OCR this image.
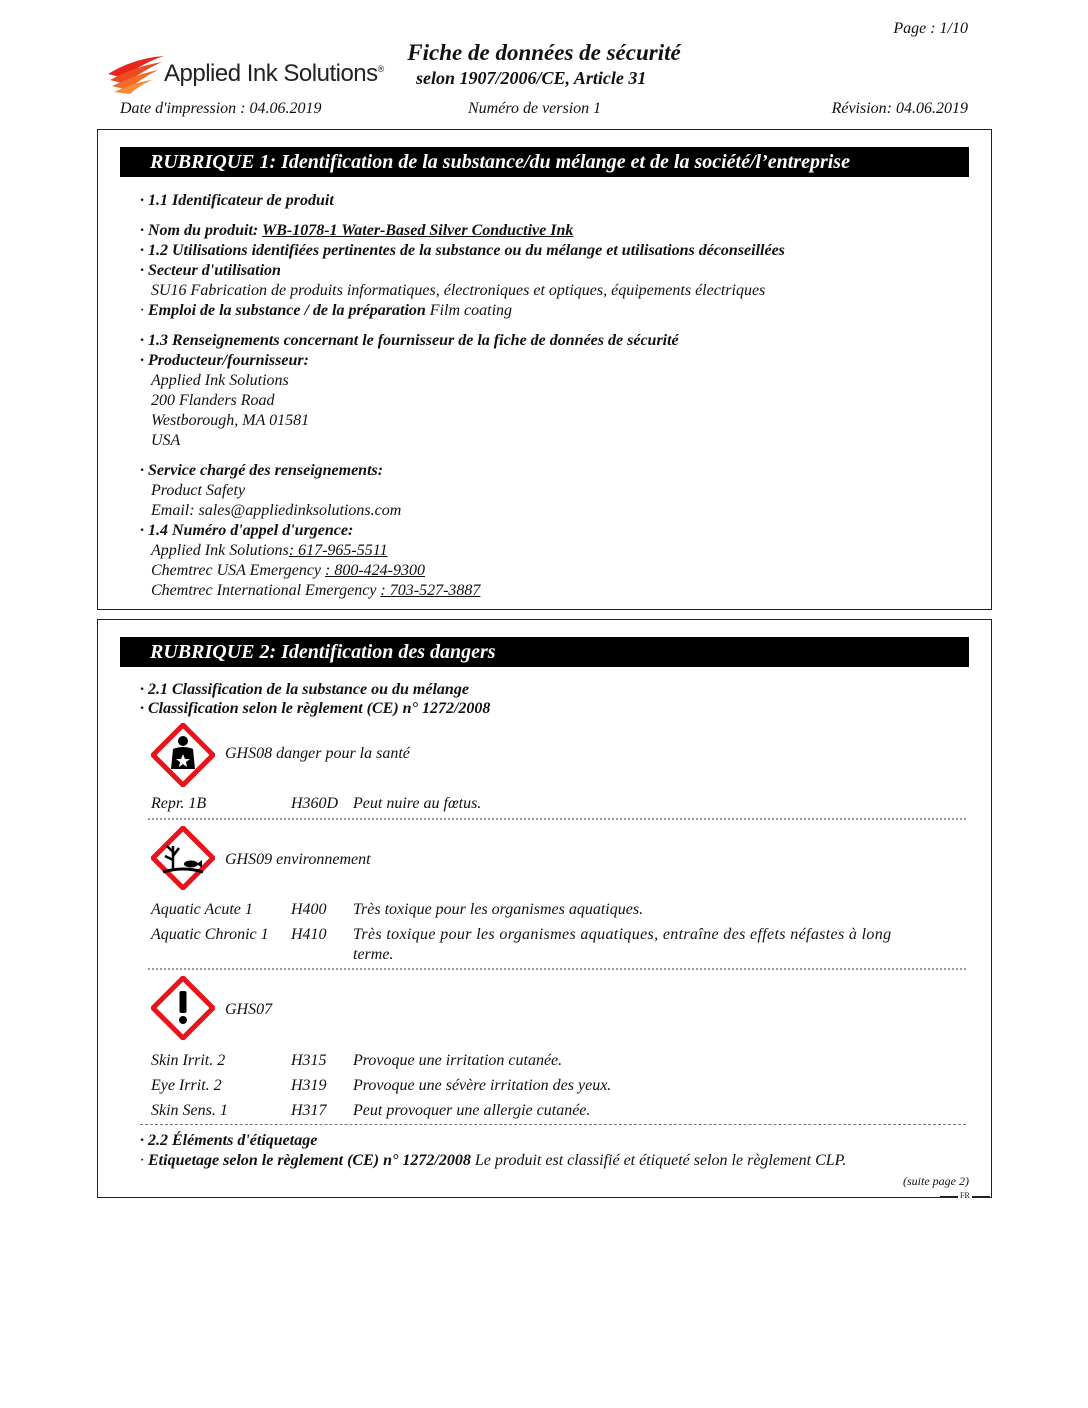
Page : 1/10
Applied Ink Solutions®
Fiche de données de sécurité
selon 1907/2006/CE, Article 31
Date d'impression : 04.06.2019	Numéro de version 1	Révision: 04.06.2019
RUBRIQUE 1: Identification de la substance/du mélange et de la société/l’entreprise
· 1.1 Identificateur de produit
· Nom du produit: WB-1078-1 Water-Based Silver Conductive Ink
· 1.2 Utilisations identifiées pertinentes de la substance ou du mélange et utilisations déconseillées
· Secteur d'utilisation
SU16 Fabrication de produits informatiques, électroniques et optiques, équipements électriques
· Emploi de la substance / de la préparation Film coating
· 1.3 Renseignements concernant le fournisseur de la fiche de données de sécurité
· Producteur/fournisseur:
Applied Ink Solutions
200 Flanders Road
Westborough, MA 01581
USA
· Service chargé des renseignements:
Product Safety
Email: sales@appliedinksolutions.com
· 1.4 Numéro d'appel d'urgence:
Applied Ink Solutions: 617-965-5511
Chemtrec USA Emergency : 800-424-9300
Chemtrec International Emergency : 703-527-3887
RUBRIQUE 2: Identification des dangers
· 2.1 Classification de la substance ou du mélange
· Classification selon le règlement (CE) n° 1272/2008
GHS08 danger pour la santé
Repr. 1B	H360D Peut nuire au fœtus.
GHS09 environnement
Aquatic Acute 1 H400 Très toxique pour les organismes aquatiques.
Aquatic Chronic 1 H410 Très toxique pour les organismes aquatiques, entraîne des effets néfastes à long
terme.
GHS07
Skin Irrit. 2	H315 Provoque une irritation cutanée.
Eye Irrit. 2	H319 Provoque une sévère irritation des yeux.
Skin Sens. 1	H317 Peut provoquer une allergie cutanée.
· 2.2 Éléments d'étiquetage
· Etiquetage selon le règlement (CE) n° 1272/2008 Le produit est classifié et étiqueté selon le règlement CLP.
(suite page 2)
FR
